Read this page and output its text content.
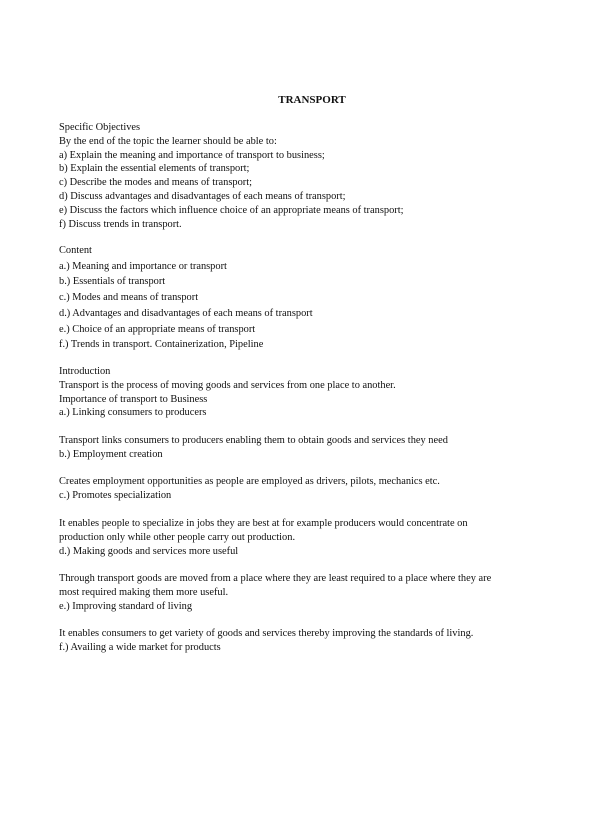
TRANSPORT
Specific Objectives
By the end of the topic the learner should be able to:
a) Explain the meaning and importance of transport to business;
b) Explain the essential elements of transport;
c) Describe the modes and means of transport;
d) Discuss advantages and disadvantages of each means of transport;
e) Discuss the factors which influence choice of an appropriate means of transport;
f) Discuss trends in transport.
Content
a.) Meaning and importance or transport
b.) Essentials of transport
c.) Modes and means of transport
d.) Advantages and disadvantages of each means of transport
e.) Choice of an appropriate means of transport
f.) Trends in transport. Containerization, Pipeline
Introduction
Transport is the process of moving goods and services from one place to another.
Importance of transport to Business
a.) Linking consumers to producers
Transport links consumers to producers enabling them to obtain goods and services they need
b.) Employment creation
Creates employment opportunities as people are employed as drivers, pilots, mechanics etc.
c.) Promotes specialization
It enables people to specialize in jobs they are best at for example producers would concentrate on
production only while other people carry out production.
d.) Making goods and services more useful
Through transport goods are moved from a place where they are least required to a place where they are
most required making them more useful.
e.) Improving standard of living
It enables consumers to get variety of goods and services thereby improving the standards of living.
f.) Availing a wide market for products
